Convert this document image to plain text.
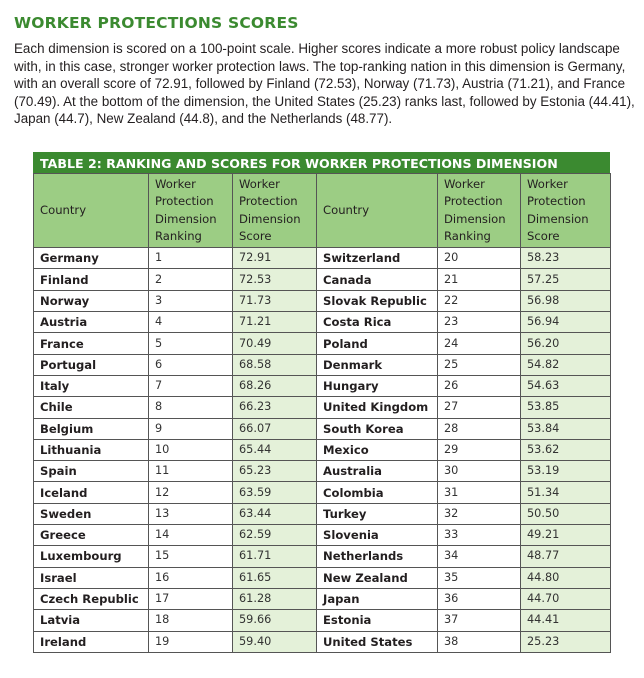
WORKER PROTECTIONS SCORES

Each dimension is scored on a 100-point scale. Higher scores indicate a more robust policy landscape with, in this case, stronger worker protection laws. The top-ranking nation in this dimension is Germany, with an overall score of 72.91, followed by Finland (72.53), Norway (71.73), Austria (71.21), and France (70.49). At the bottom of the dimension, the United States (25.23) ranks last, followed by Estonia (44.41), Japan (44.7), New Zealand (44.8), and the Netherlands (48.77).

TABLE 2: RANKING AND SCORES FOR WORKER PROTECTIONS DIMENSION
Country	Worker Protection Dimension Ranking	Worker Protection Dimension Score	Country	Worker Protection Dimension Ranking	Worker Protection Dimension Score
Germany	1	72.91	Switzerland	20	58.23
Finland	2	72.53	Canada	21	57.25
Norway	3	71.73	Slovak Republic	22	56.98
Austria	4	71.21	Costa Rica	23	56.94
France	5	70.49	Poland	24	56.20
Portugal	6	68.58	Denmark	25	54.82
Italy	7	68.26	Hungary	26	54.63
Chile	8	66.23	United Kingdom	27	53.85
Belgium	9	66.07	South Korea	28	53.84
Lithuania	10	65.44	Mexico	29	53.62
Spain	11	65.23	Australia	30	53.19
Iceland	12	63.59	Colombia	31	51.34
Sweden	13	63.44	Turkey	32	50.50
Greece	14	62.59	Slovenia	33	49.21
Luxembourg	15	61.71	Netherlands	34	48.77
Israel	16	61.65	New Zealand	35	44.80
Czech Republic	17	61.28	Japan	36	44.70
Latvia	18	59.66	Estonia	37	44.41
Ireland	19	59.40	United States	38	25.23
